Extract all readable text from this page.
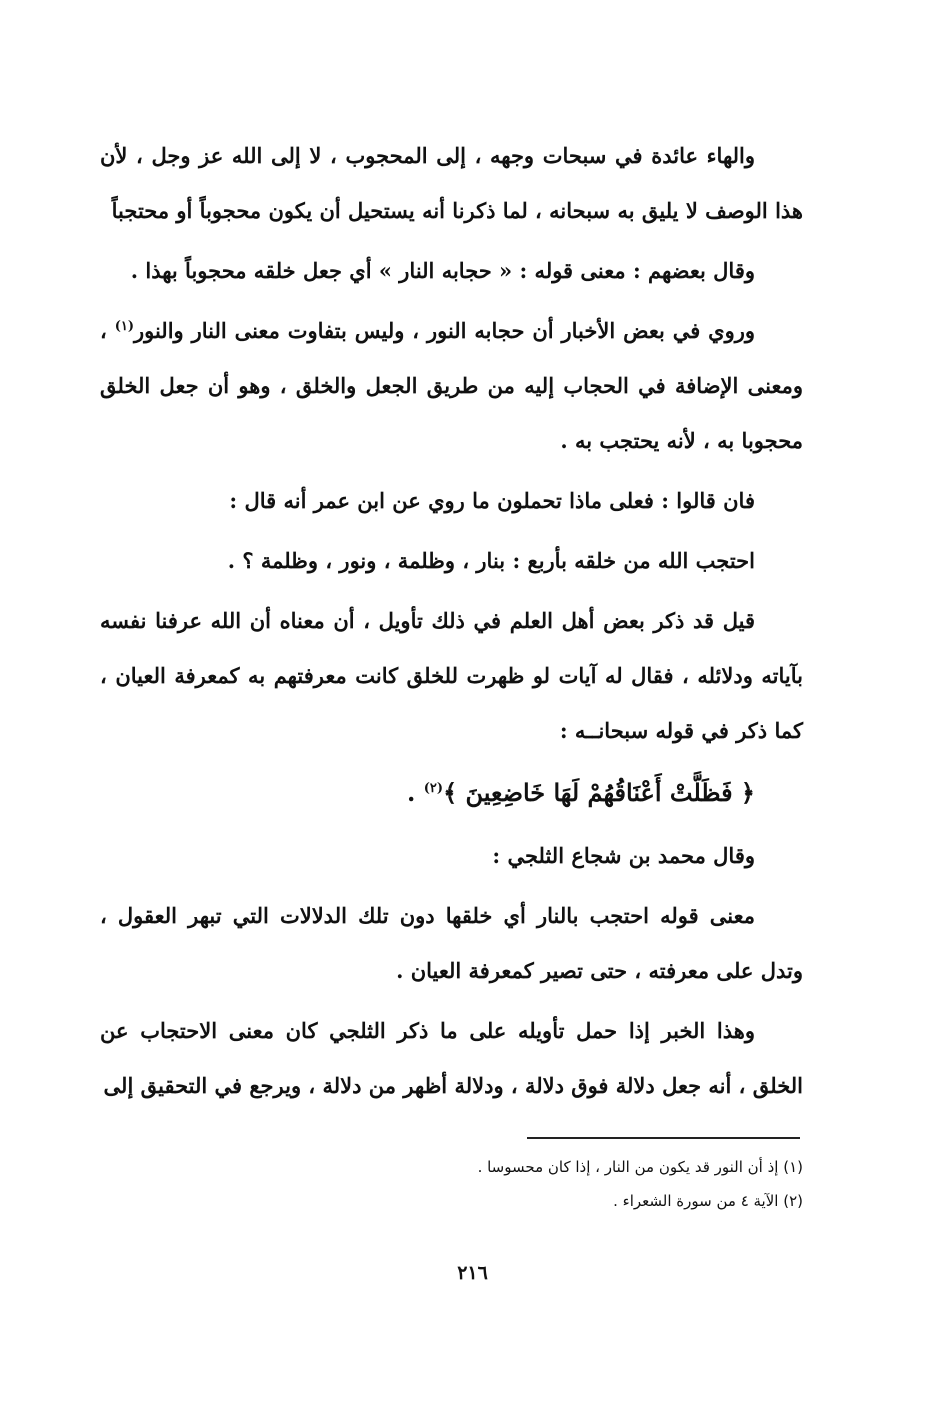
والهاء عائدة في سبحات وجهه ، إلى المحجوب ، لا إلى الله عز وجل ، لأن هذا الوصف لا يليق به سبحانه ، لما ذكرنا أنه يستحيل أن يكون محجوباً أو محتجباً

وقال بعضهم : معنى قوله : « حجابه النار » أي جعل خلقه محجوباً بهذا .

وروي في بعض الأخبار أن حجابه النور ، وليس بتفاوت معنى النار والنور$^{(١)}$ ، ومعنى الإضافة في الحجاب إليه من طريق الجعل والخلق ، وهو أن جعل الخلق محجوبا به ، لأنه يحتجب به .

فان قالوا : فعلى ماذا تحملون ما روي عن ابن عمر أنه قال :

احتجب الله من خلقه بأربع : بنار ، وظلمة ، ونور ، وظلمة ؟ .

قيل قد ذكر بعض أهل العلم في ذلك تأويل ، أن معناه أن الله عرفنا نفسه بآياته ودلائله ، فقال له آيات لو ظهرت للخلق كانت معرفتهم به كمعرفة العيان ، كما ذكر في قوله سبحانــه :

﴿ فَظَلَّتْ أَعْنَاقُهُمْ لَهَا خَاضِعِينَ ﴾$^{(٢)}$ .

وقال محمد بن شجاع الثلجي :

معنى قوله احتجب بالنار أي خلقها دون تلك الدلالات التي تبهر العقول ، وتدل على معرفته ، حتى تصير كمعرفة العيان .

وهذا الخبر إذا حمل تأويله على ما ذكر الثلجي كان معنى الاحتجاب عن الخلق ، أنه جعل دلالة فوق دلالة ، ودلالة أظهر من دلالة ، ويرجع في التحقيق إلى

(١) إذ أن النور قد يكون من النار ، إذا كان محسوسا .

(٢) الآية ٤ من سورة الشعراء .

٢١٦
